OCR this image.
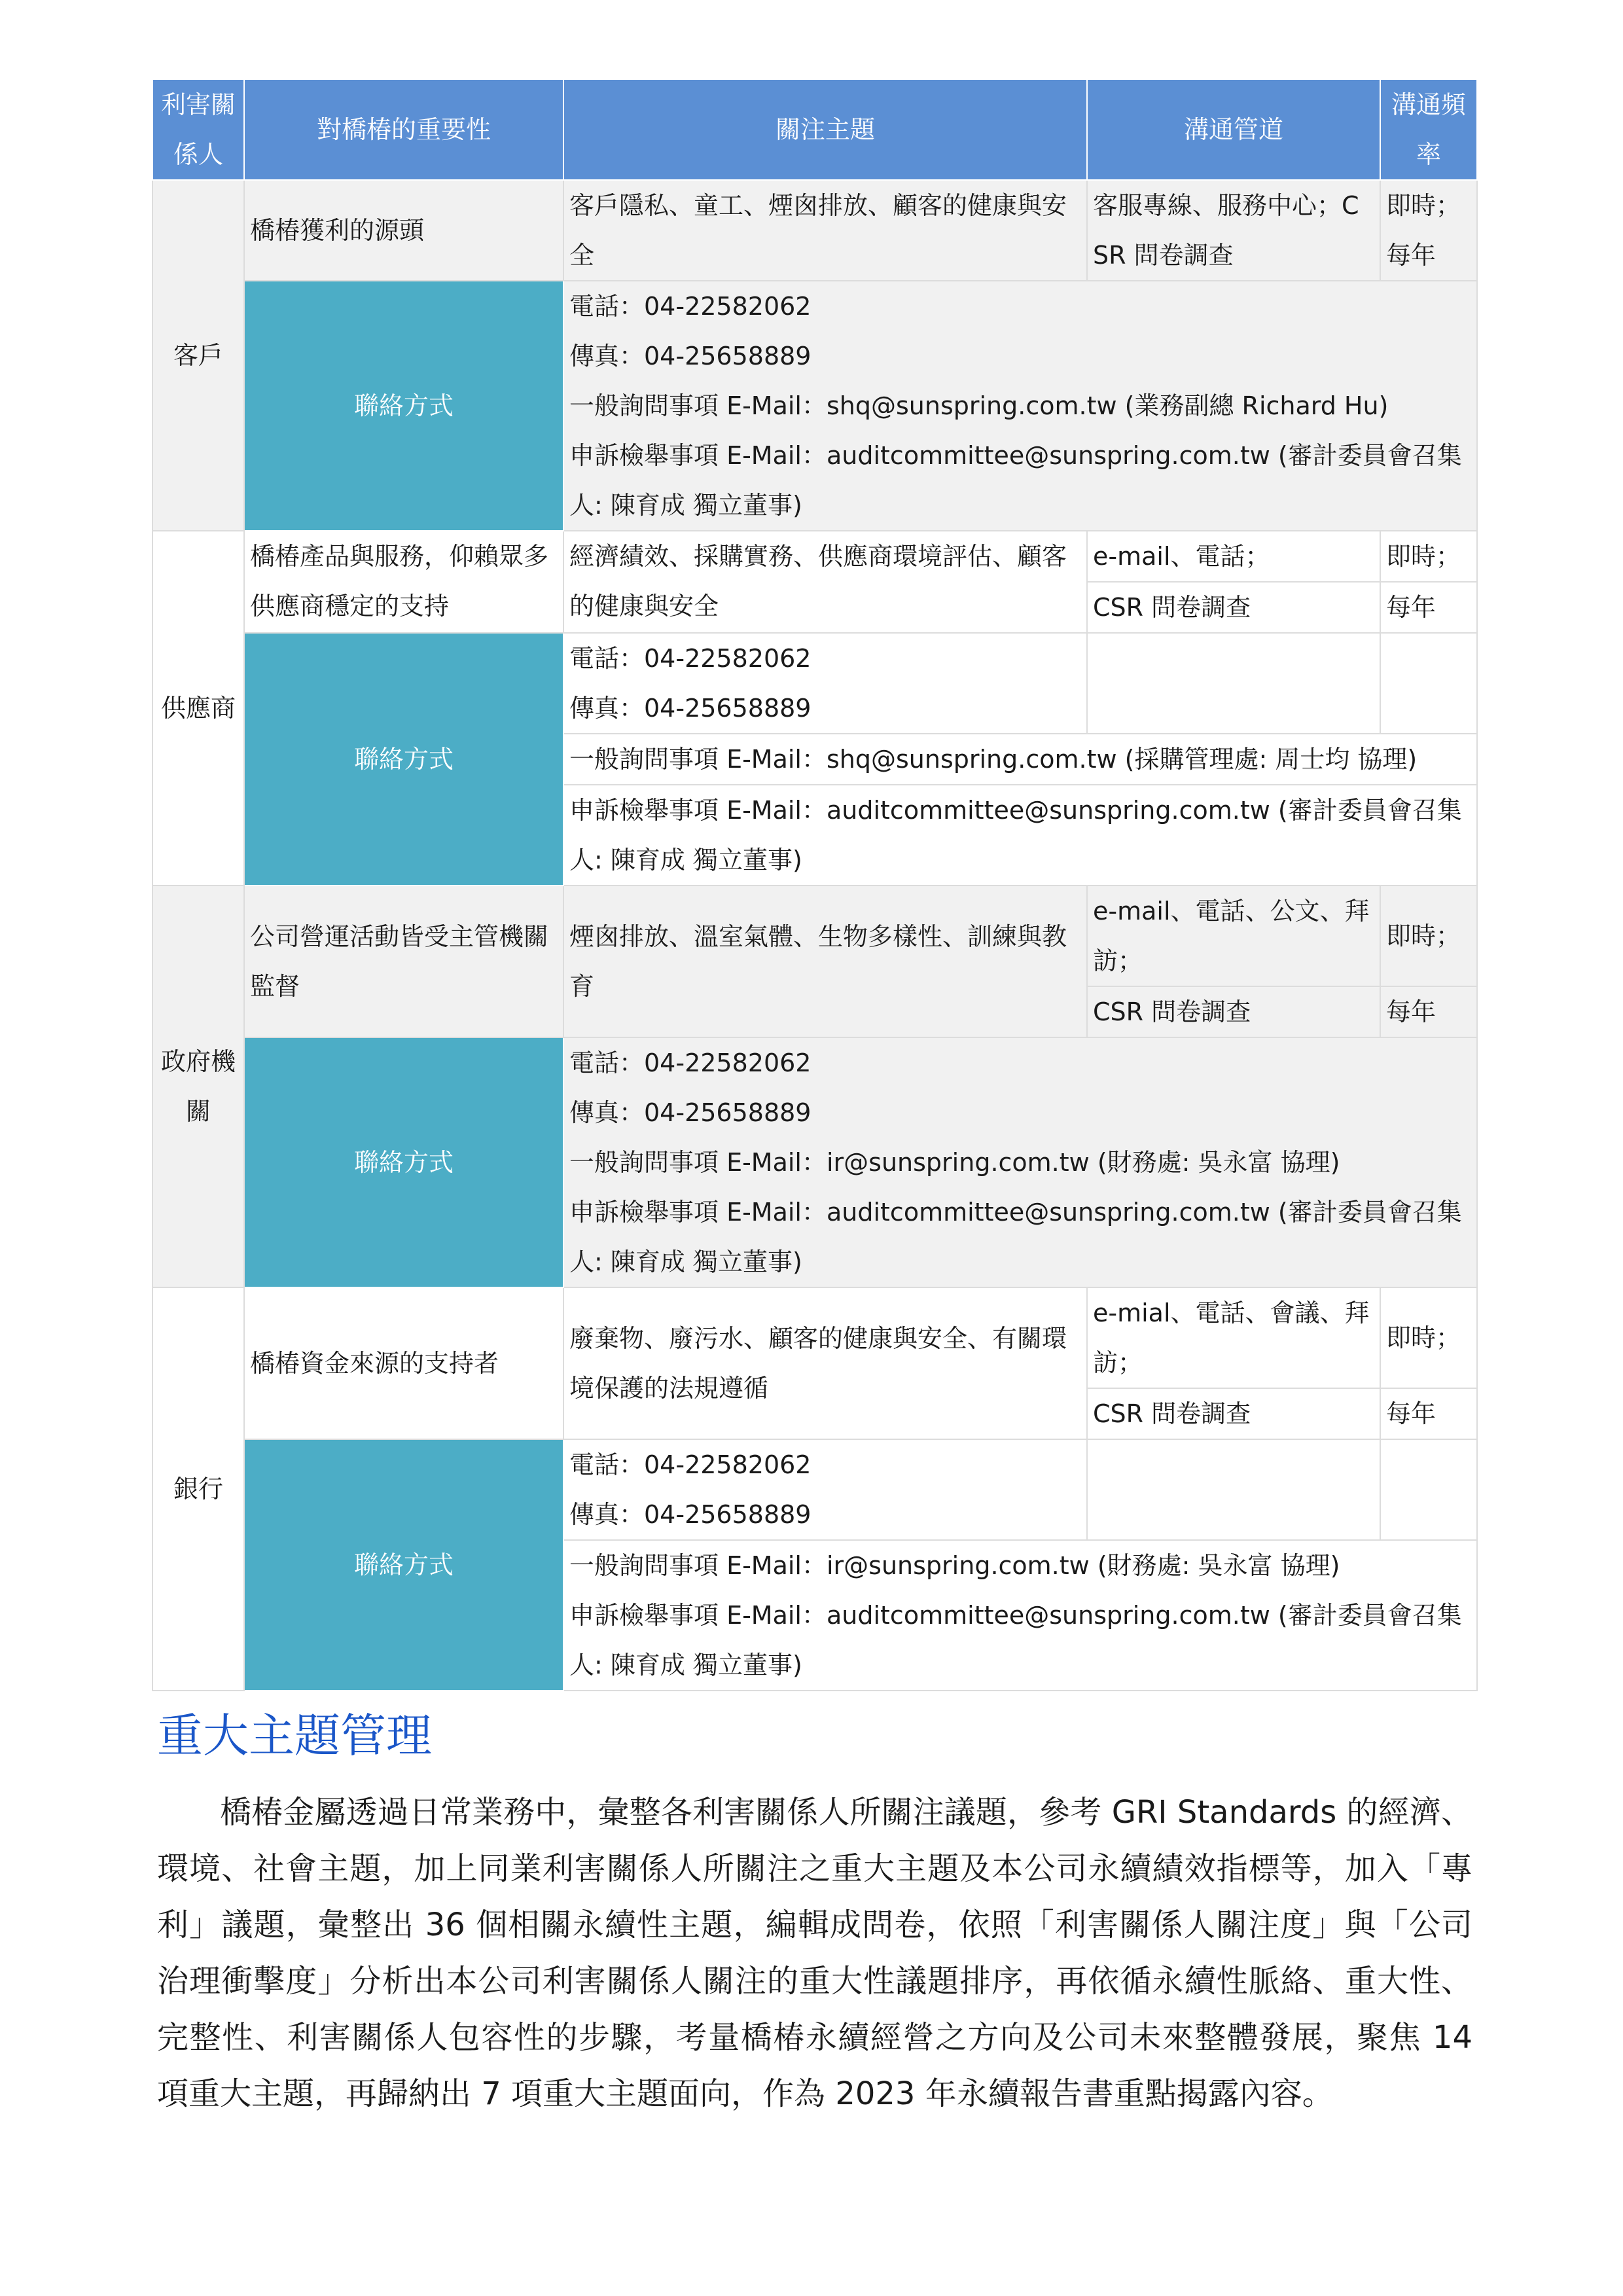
利害關係人	對橋椿的重要性	關注主題	溝通管道	溝通頻率
客戶	橋椿獲利的源頭	客戶隱私、童工、煙囪排放、顧客的健康與安全	客服專線、服務中心；CSR 問卷調查	即時；每年
	聯絡方式	電話：04-22582062
傳真：04-25658889
一般詢問事項 E-Mail：shq@sunspring.com.tw (業務副總 Richard Hu)
申訴檢舉事項 E-Mail：auditcommittee@sunspring.com.tw (審計委員會召集人: 陳育成 獨立董事)		

供應商	橋椿產品與服務，仰賴眾多供應商穩定的支持	經濟績效、採購實務、供應商環境評估、顧客的健康與安全	e-mail、電話；	即時；
			CSR 問卷調查	每年
	聯絡方式	電話：04-22582062
傳真：04-25658889		

		一般詢問事項 E-Mail：shq@sunspring.com.tw (採購管理處: 周士均 協理)		
		申訴檢舉事項 E-Mail：auditcommittee@sunspring.com.tw (審計委員會召集人: 陳育成 獨立董事)		
政府機關	公司營運活動皆受主管機關監督	煙囪排放、溫室氣體、生物多樣性、訓練與教育	e-mail、電話、公文、拜訪；	即時；
			CSR 問卷調查	每年
	聯絡方式	電話：04-22582062
傳真：04-25658889
一般詢問事項 E-Mail：ir@sunspring.com.tw (財務處: 吳永富 協理)
申訴檢舉事項 E-Mail：auditcommittee@sunspring.com.tw (審計委員會召集人: 陳育成 獨立董事)		

銀行	橋椿資金來源的支持者	廢棄物、廢污水、顧客的健康與安全、有關環境保護的法規遵循	e-mial、電話、會議、拜訪；	即時；
			CSR 問卷調查	每年
	聯絡方式	電話：04-22582062
傳真：04-25658889		

		一般詢問事項 E-Mail：ir@sunspring.com.tw (財務處: 吳永富 協理)
申訴檢舉事項 E-Mail：auditcommittee@sunspring.com.tw (審計委員會召集人: 陳育成 獨立董事)		
重大主題管理

橋椿金屬透過日常業務中，彙整各利害關係人所關注議題，參考 GRI Standards 的經濟、環境、社會主題，加上同業利害關係人所關注之重大主題及本公司永續績效指標等，加入「專利」議題，彙整出 36 個相關永續性主題，編輯成問卷，依照「利害關係人關注度」與「公司治理衝擊度」分析出本公司利害關係人關注的重大性議題排序，再依循永續性脈絡、重大性、完整性、利害關係人包容性的步驟，考量橋椿永續經營之方向及公司未來整體發展，聚焦 14 項重大主題，再歸納出 7 項重大主題面向，作為 2023 年永續報告書重點揭露內容。
